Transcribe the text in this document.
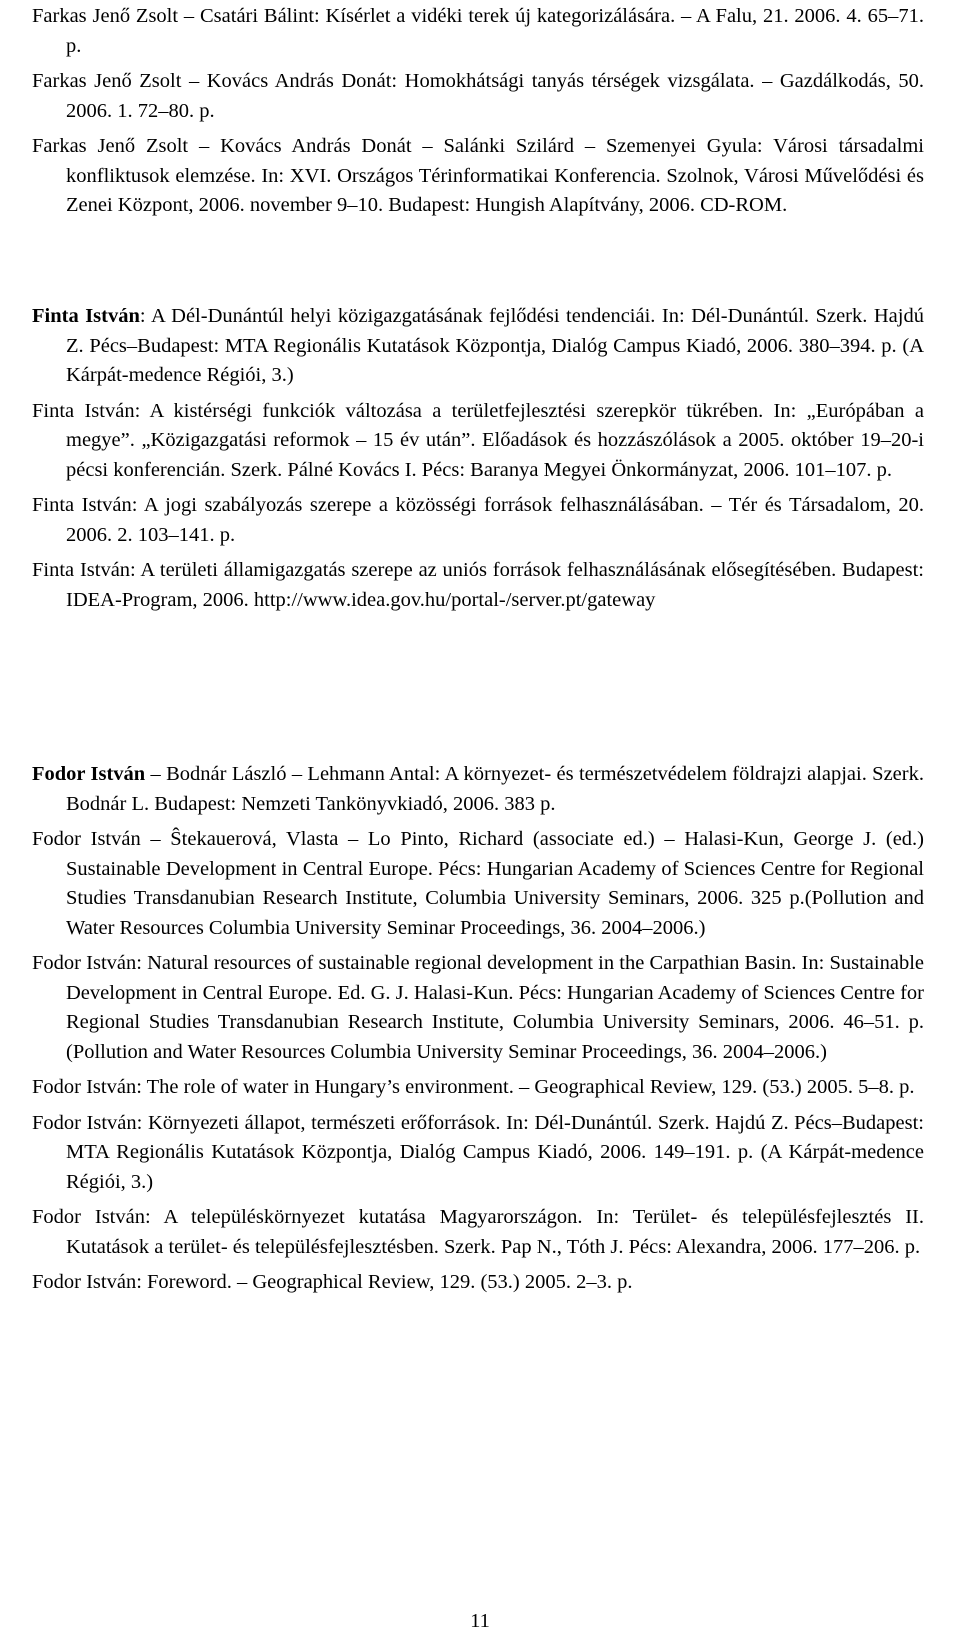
Farkas Jenő Zsolt – Csatári Bálint: Kísérlet a vidéki terek új kategorizálására. – A Falu, 21. 2006. 4. 65–71. p.

Farkas Jenő Zsolt – Kovács András Donát: Homokhátsági tanyás térségek vizsgálata. – Gazdálkodás, 50. 2006. 1. 72–80. p.

Farkas Jenő Zsolt – Kovács András Donát – Salánki Szilárd – Szemenyei Gyula: Városi társadalmi konfliktusok elemzése. In: XVI. Országos Térinformatikai Konferencia. Szolnok, Városi Művelődési és Zenei Központ, 2006. november 9–10. Budapest: Hungish Alapítvány, 2006. CD-ROM.

Finta István: A Dél-Dunántúl helyi közigazgatásának fejlődési tendenciái. In: Dél-Dunántúl. Szerk. Hajdú Z. Pécs–Budapest: MTA Regionális Kutatások Központja, Dialóg Campus Kiadó, 2006. 380–394. p. (A Kárpát-medence Régiói, 3.)

Finta István: A kistérségi funkciók változása a területfejlesztési szerepkör tükrében. In: „Európában a megye”. „Közigazgatási reformok – 15 év után”. Előadások és hozzászólások a 2005. október 19–20-i pécsi konferencián. Szerk. Pálné Kovács I. Pécs: Baranya Megyei Önkormányzat, 2006. 101–107. p.

Finta István: A jogi szabályozás szerepe a közösségi források felhasználásában. – Tér és Társadalom, 20. 2006. 2. 103–141. p.

Finta István: A területi államigazgatás szerepe az uniós források felhasználásának elősegítésében. Budapest: IDEA-Program, 2006. http://www.idea.gov.hu/portal-/server.pt/gateway

Fodor István – Bodnár László – Lehmann Antal: A környezet- és természetvédelem földrajzi alapjai. Szerk. Bodnár L. Budapest: Nemzeti Tankönyvkiadó, 2006. 383 p.

Fodor István – Ŝtekauerová, Vlasta – Lo Pinto, Richard (associate ed.) – Halasi-Kun, George J. (ed.) Sustainable Development in Central Europe. Pécs: Hungarian Academy of Sciences Centre for Regional Studies Transdanubian Research Institute, Columbia University Seminars, 2006. 325 p.(Pollution and Water Resources Columbia University Seminar Proceedings, 36. 2004–2006.)

Fodor István: Natural resources of sustainable regional development in the Carpathian Basin. In: Sustainable Development in Central Europe. Ed. G. J. Halasi-Kun. Pécs: Hungarian Academy of Sciences Centre for Regional Studies Transdanubian Research Institute, Columbia University Seminars, 2006. 46–51. p. (Pollution and Water Resources Columbia University Seminar Proceedings, 36. 2004–2006.)

Fodor István: The role of water in Hungary’s environment. – Geographical Review, 129. (53.) 2005. 5–8. p.

Fodor István: Környezeti állapot, természeti erőforrások. In: Dél-Dunántúl. Szerk. Hajdú Z. Pécs–Budapest: MTA Regionális Kutatások Központja, Dialóg Campus Kiadó, 2006. 149–191. p. (A Kárpát-medence Régiói, 3.)

Fodor István: A településkörnyezet kutatása Magyarországon. In: Terület- és településfejlesztés II. Kutatások a terület- és településfejlesztésben. Szerk. Pap N., Tóth J. Pécs: Alexandra, 2006. 177–206. p.

Fodor István: Foreword. – Geographical Review, 129. (53.) 2005. 2–3. p.

11
